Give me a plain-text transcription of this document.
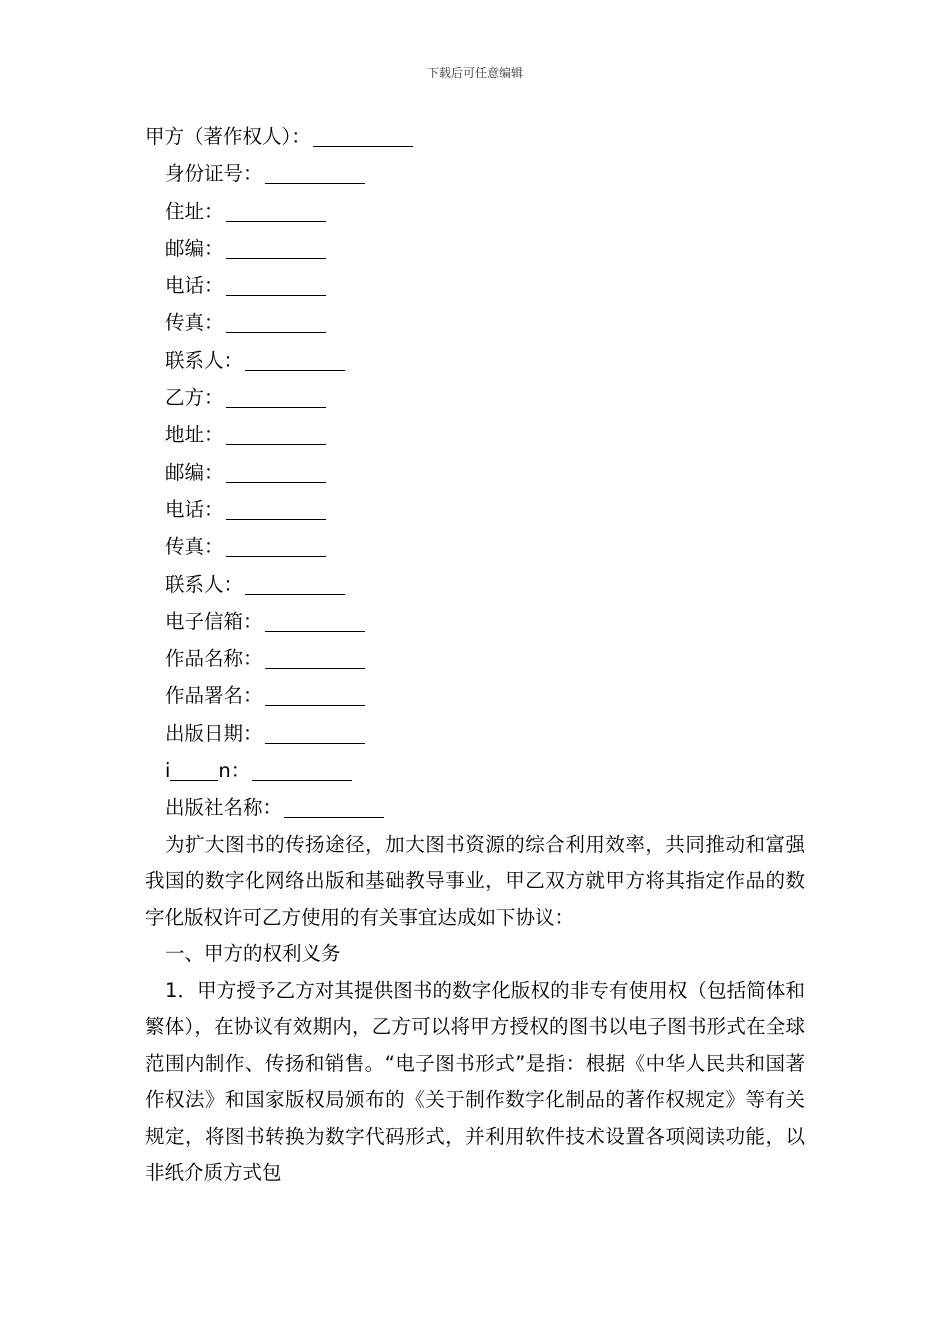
下载后可任意编辑
甲方（著作权人）：
身份证号：
住址：
邮编：
电话：
传真：
联系人：
乙方：
地址：
邮编：
电话：
传真：
联系人：
电子信箱：
作品名称：
作品署名：
出版日期：
i n：
出版社名称：
为扩大图书的传扬途径，加大图书资源的综合利用效率，共同推动和富强我国的数字化网络出版和基础教导事业，甲乙双方就甲方将其指定作品的数字化版权许可乙方使用的有关事宜达成如下协议：
一、甲方的权利义务
1．甲方授予乙方对其提供图书的数字化版权的非专有使用权（包括简体和繁体），在协议有效期内，乙方可以将甲方授权的图书以电子图书形式在全球范围内制作、传扬和销售。“电子图书形式”是指：根据《中华人民共和国著作权法》和国家版权局颁布的《关于制作数字化制品的著作权规定》等有关规定，将图书转换为数字代码形式，并利用软件技术设置各项阅读功能，以非纸介质方式包
